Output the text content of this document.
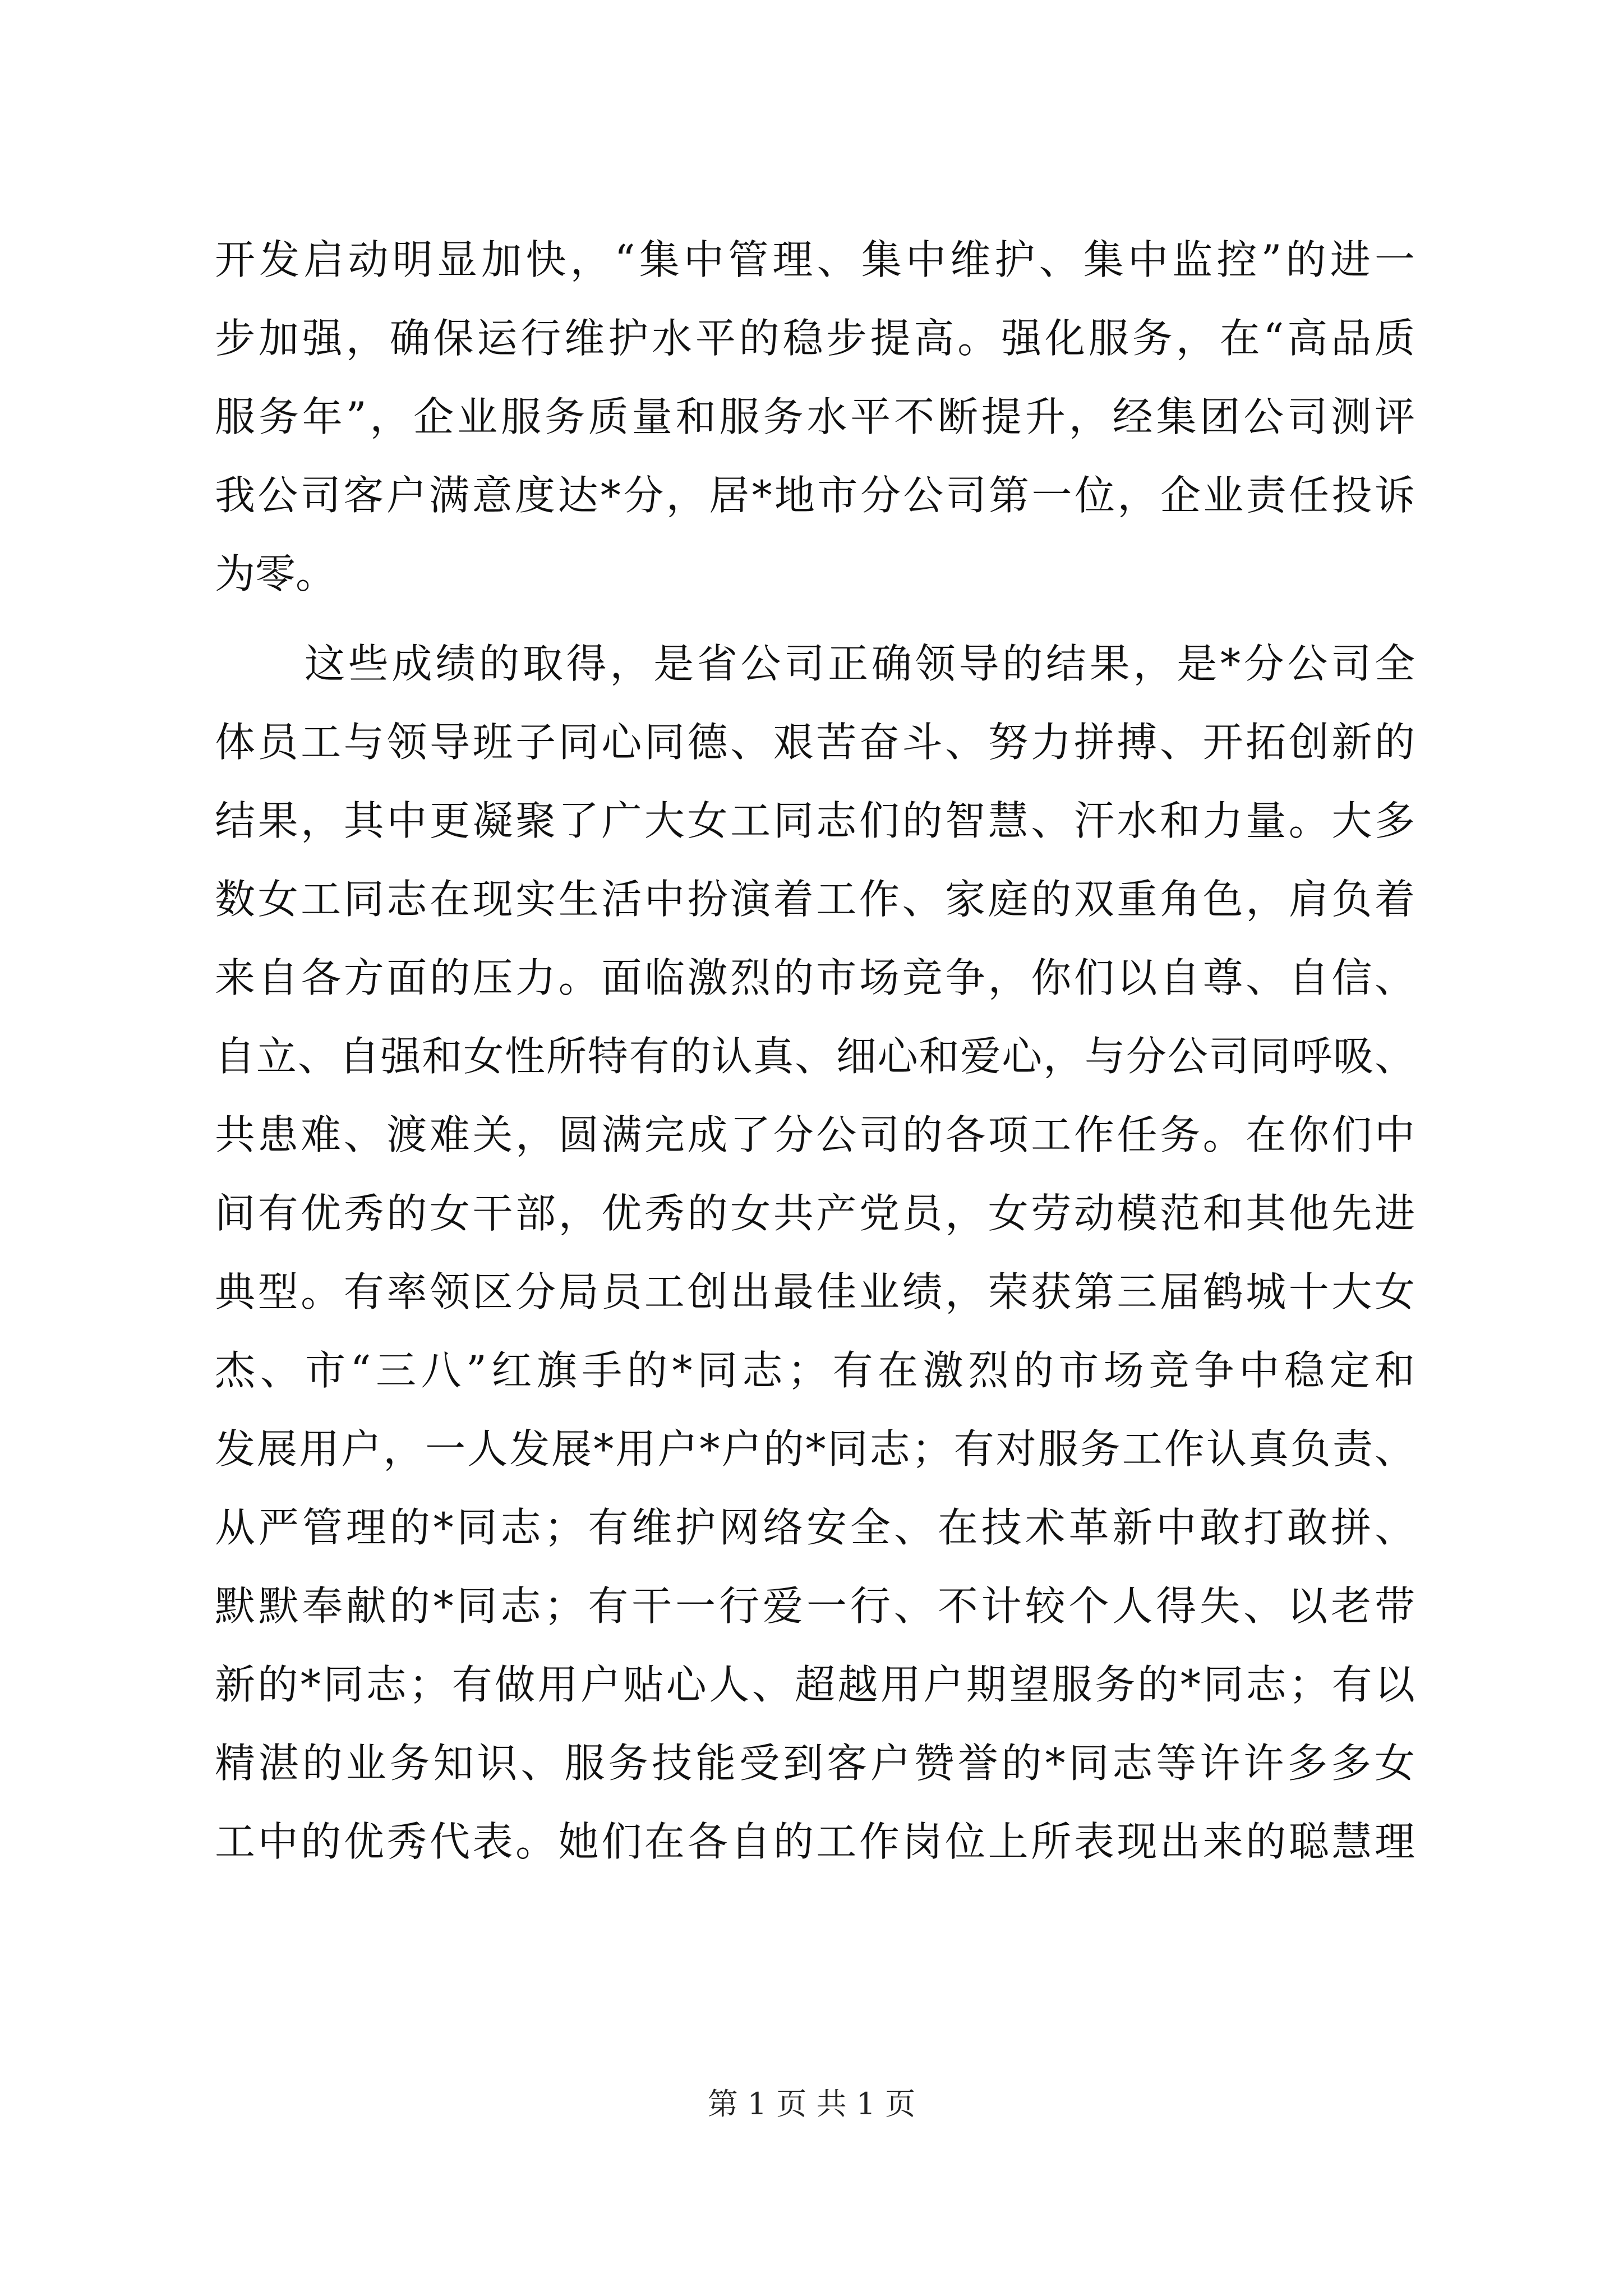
开发启动明显加快，“集中管理、集中维护、集中监控”的进一
步加强，确保运行维护水平的稳步提高。强化服务，在“高品质
服务年”，企业服务质量和服务水平不断提升，经集团公司测评
我公司客户满意度达*分，居*地市分公司第一位，企业责任投诉
为零。
这些成绩的取得，是省公司正确领导的结果，是*分公司全
体员工与领导班子同心同德、艰苦奋斗、努力拼搏、开拓创新的
结果，其中更凝聚了广大女工同志们的智慧、汗水和力量。大多
数女工同志在现实生活中扮演着工作、家庭的双重角色，肩负着
来自各方面的压力。面临激烈的市场竞争，你们以自尊、自信、
自立、自强和女性所特有的认真、细心和爱心，与分公司同呼吸、
共患难、渡难关，圆满完成了分公司的各项工作任务。在你们中
间有优秀的女干部，优秀的女共产党员，女劳动模范和其他先进
典型。有率领区分局员工创出最佳业绩，荣获第三届鹤城十大女
杰、市“三八”红旗手的*同志；有在激烈的市场竞争中稳定和
发展用户，一人发展*用户*户的*同志；有对服务工作认真负责、
从严管理的*同志；有维护网络安全、在技术革新中敢打敢拼、
默默奉献的*同志；有干一行爱一行、不计较个人得失、以老带
新的*同志；有做用户贴心人、超越用户期望服务的*同志；有以
精湛的业务知识、服务技能受到客户赞誉的*同志等许许多多女
工中的优秀代表。她们在各自的工作岗位上所表现出来的聪慧理
第 1 页 共 1 页
